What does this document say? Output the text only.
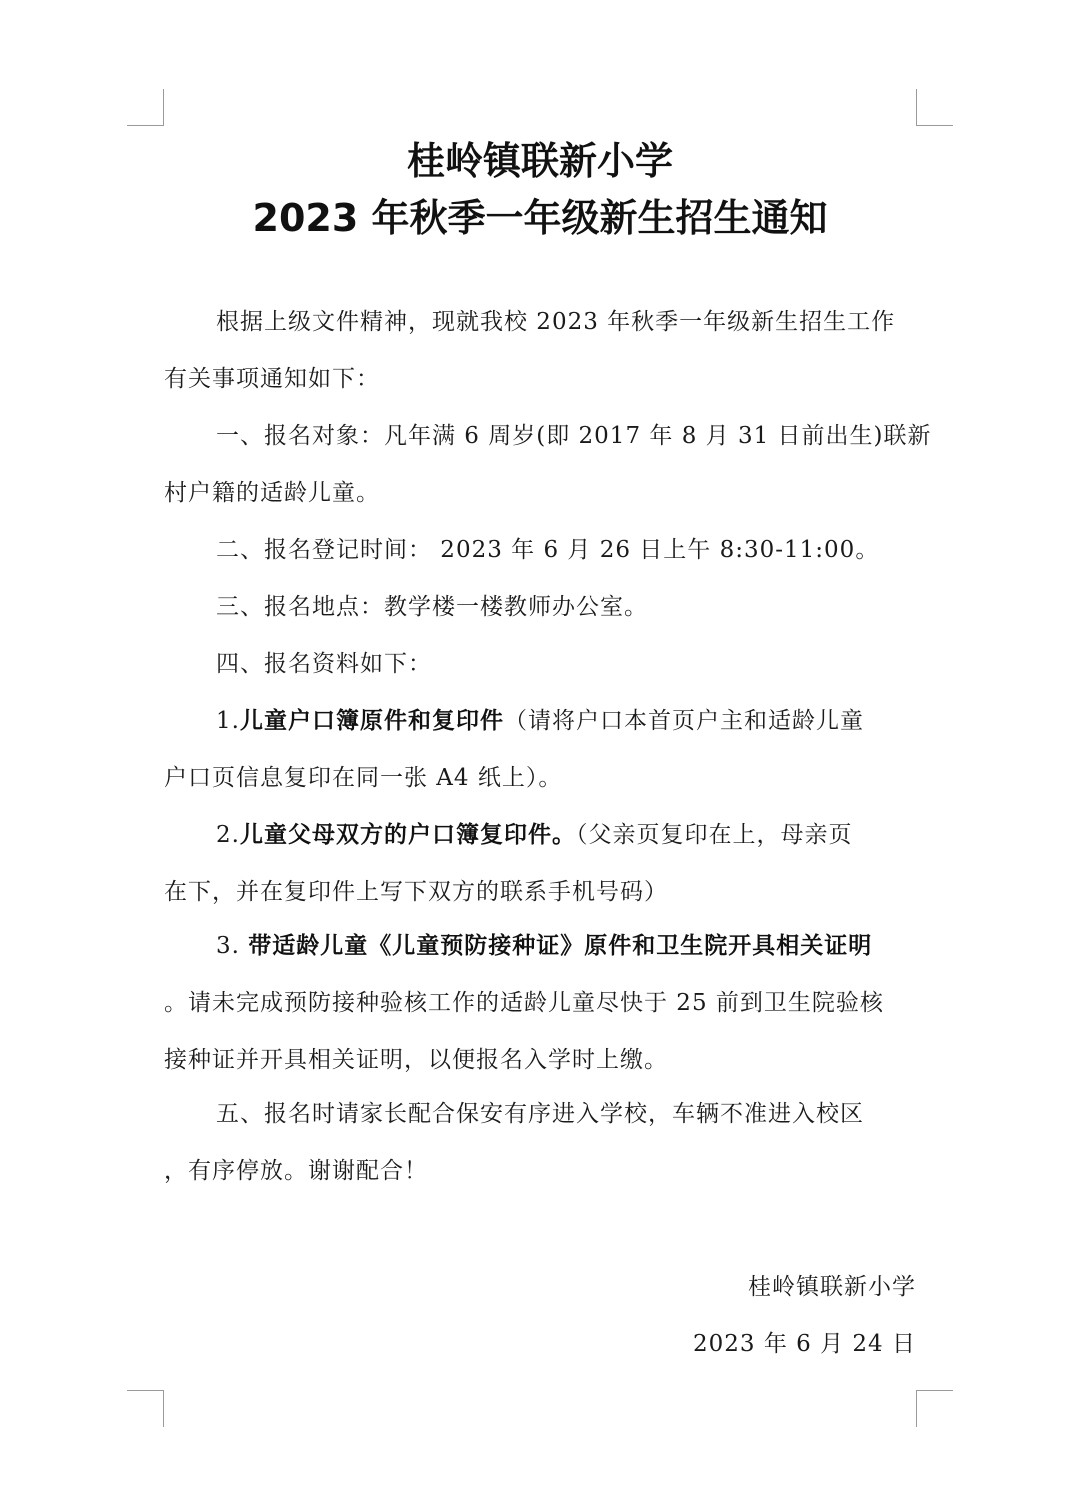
桂岭镇联新小学
2023 年秋季一年级新生招生通知

根据上级文件精神，现就我校 2023 年秋季一年级新生招生工作
有关事项通知如下：

一、报名对象：凡年满 6 周岁(即 2017 年 8 月 31 日前出生)联新
村户籍的适龄儿童。

二、报名登记时间： 2023 年 6 月 26 日上午 8:30-11:00。

三、报名地点：教学楼一楼教师办公室。

四、报名资料如下：

1.儿童户口簿原件和复印件（请将户口本首页户主和适龄儿童
户口页信息复印在同一张 A4 纸上）。

2.儿童父母双方的户口簿复印件。（父亲页复印在上，母亲页
在下，并在复印件上写下双方的联系手机号码）

3. 带适龄儿童《儿童预防接种证》原件和卫生院开具相关证明
。请未完成预防接种验核工作的适龄儿童尽快于 25 前到卫生院验核
接种证并开具相关证明，以便报名入学时上缴。

五、报名时请家长配合保安有序进入学校，车辆不准进入校区
，有序停放。谢谢配合！

桂岭镇联新小学

2023 年 6 月 24 日
